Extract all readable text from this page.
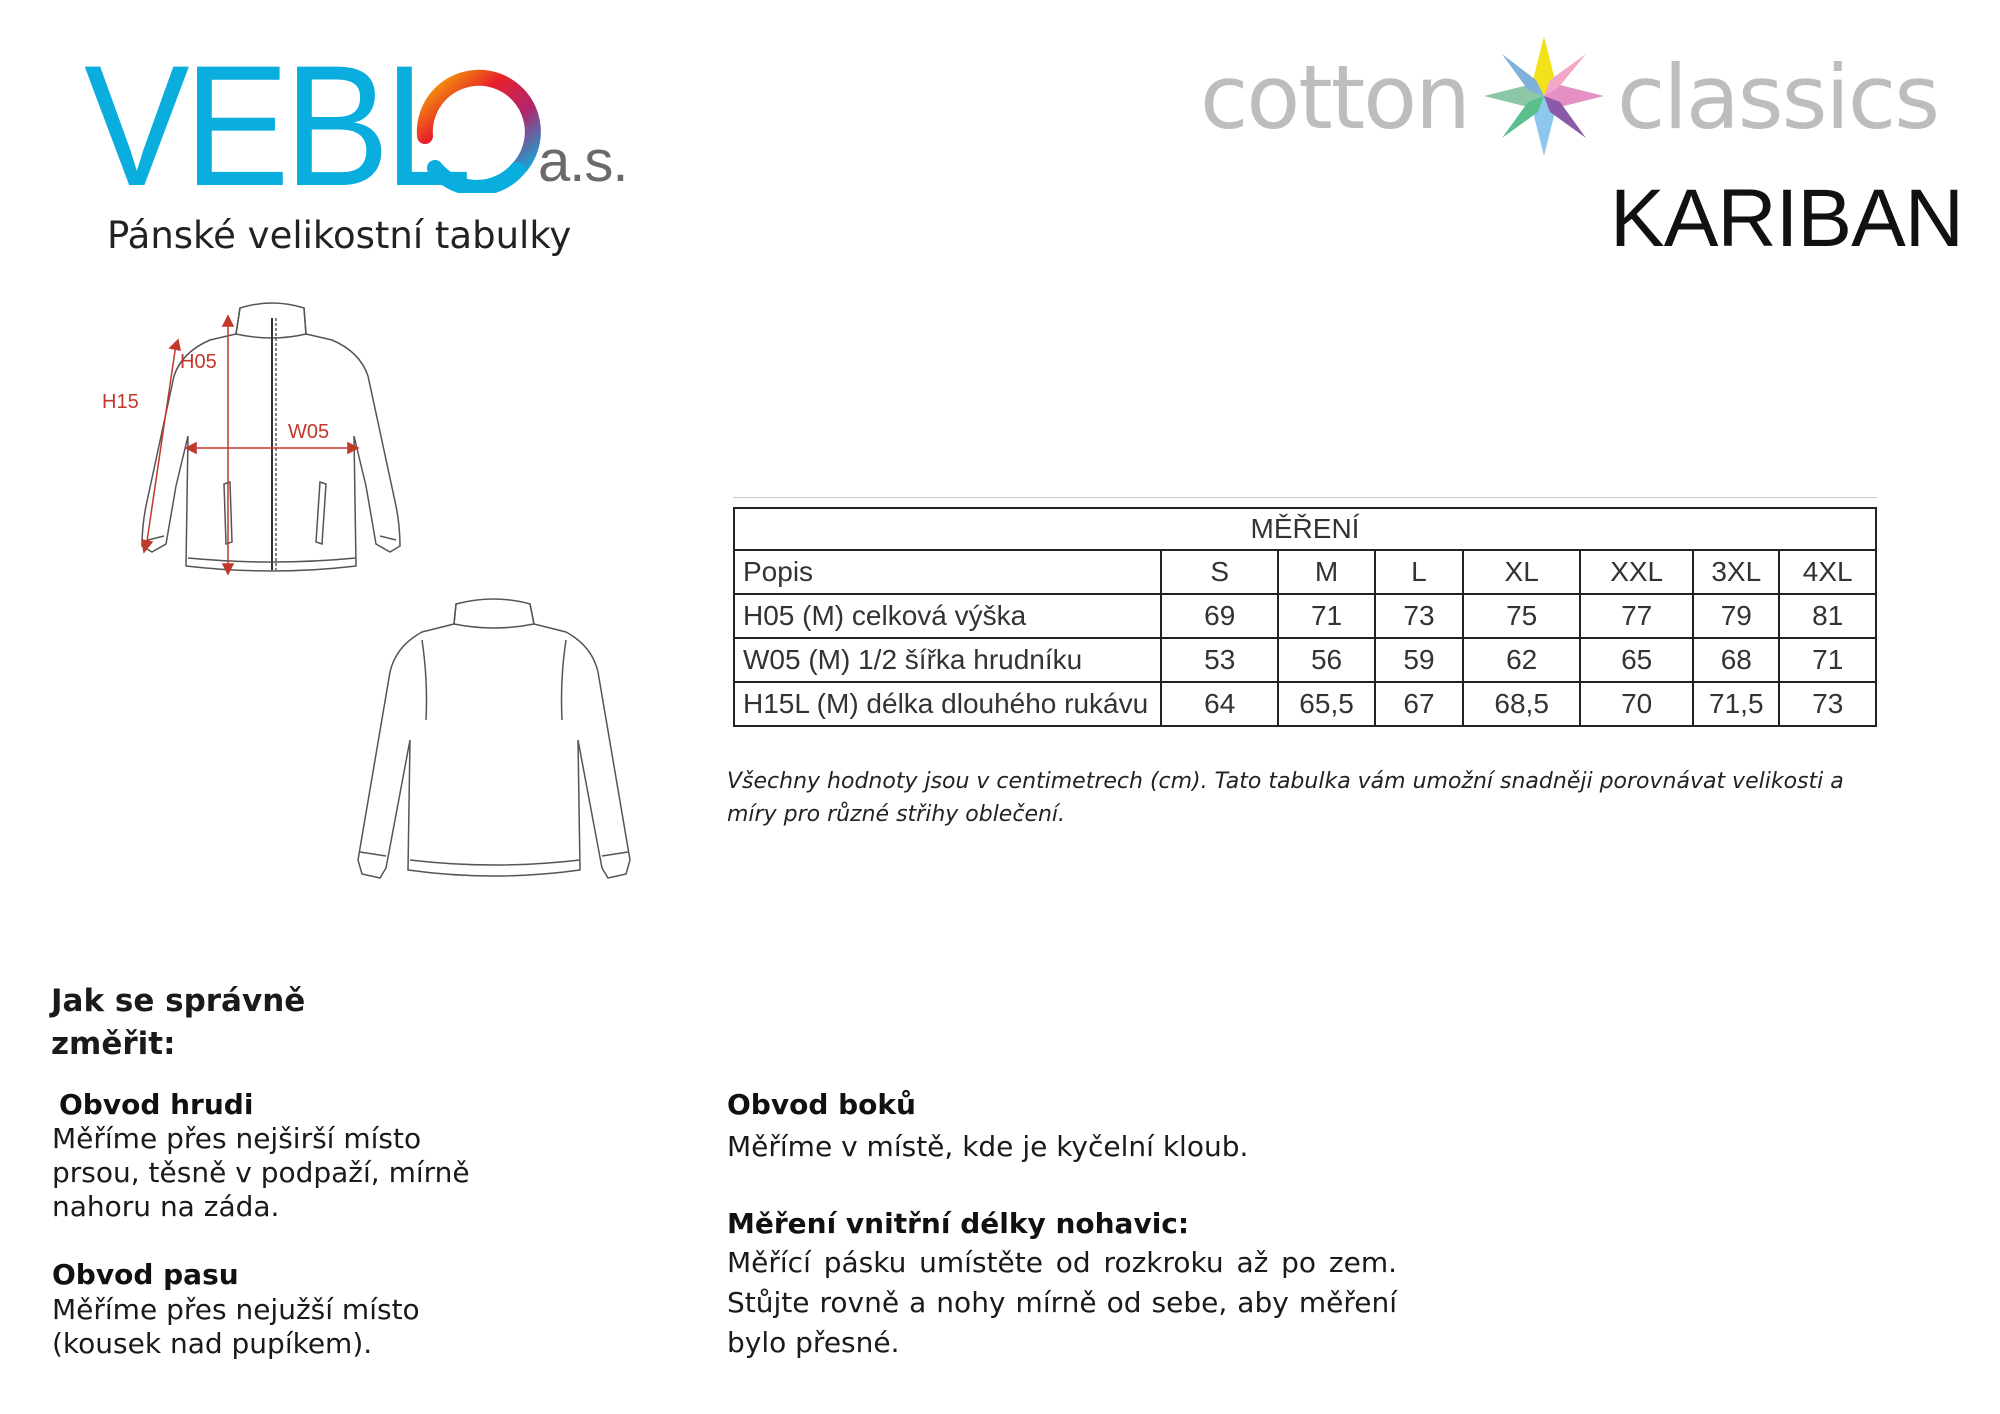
VEBL a.s.
Pánské velikostní tabulky
cotton classics
KARIBAN
H05
H15
W05
MĚŘENÍ							
Popis	S	M	L	XL	XXL	3XL	4XL
H05 (M) celková výška	69	71	73	75	77	79	81
W05 (M) 1/2 šířka hrudníku	53	56	59	62	65	68	71
H15L (M) délka dlouhého rukávu	64	65,5	67	68,5	70	71,5	73
Všechny hodnoty jsou v centimetrech (cm). Tato tabulka vám umožní snadněji porovnávat velikosti a míry pro různé střihy oblečení.
Jak se správně změřit:
Obvod hrudi
Měříme přes nejširší místo prsou, těsně v podpaží, mírně nahoru na záda.
Obvod pasu
Měříme přes nejužší místo (kousek nad pupíkem).
Obvod boků
Měříme v místě, kde je kyčelní kloub.
Měření vnitřní délky nohavic:
Měřící pásku umístěte od rozkroku až po zem. Stůjte rovně a nohy mírně od sebe, aby měření bylo přesné.
